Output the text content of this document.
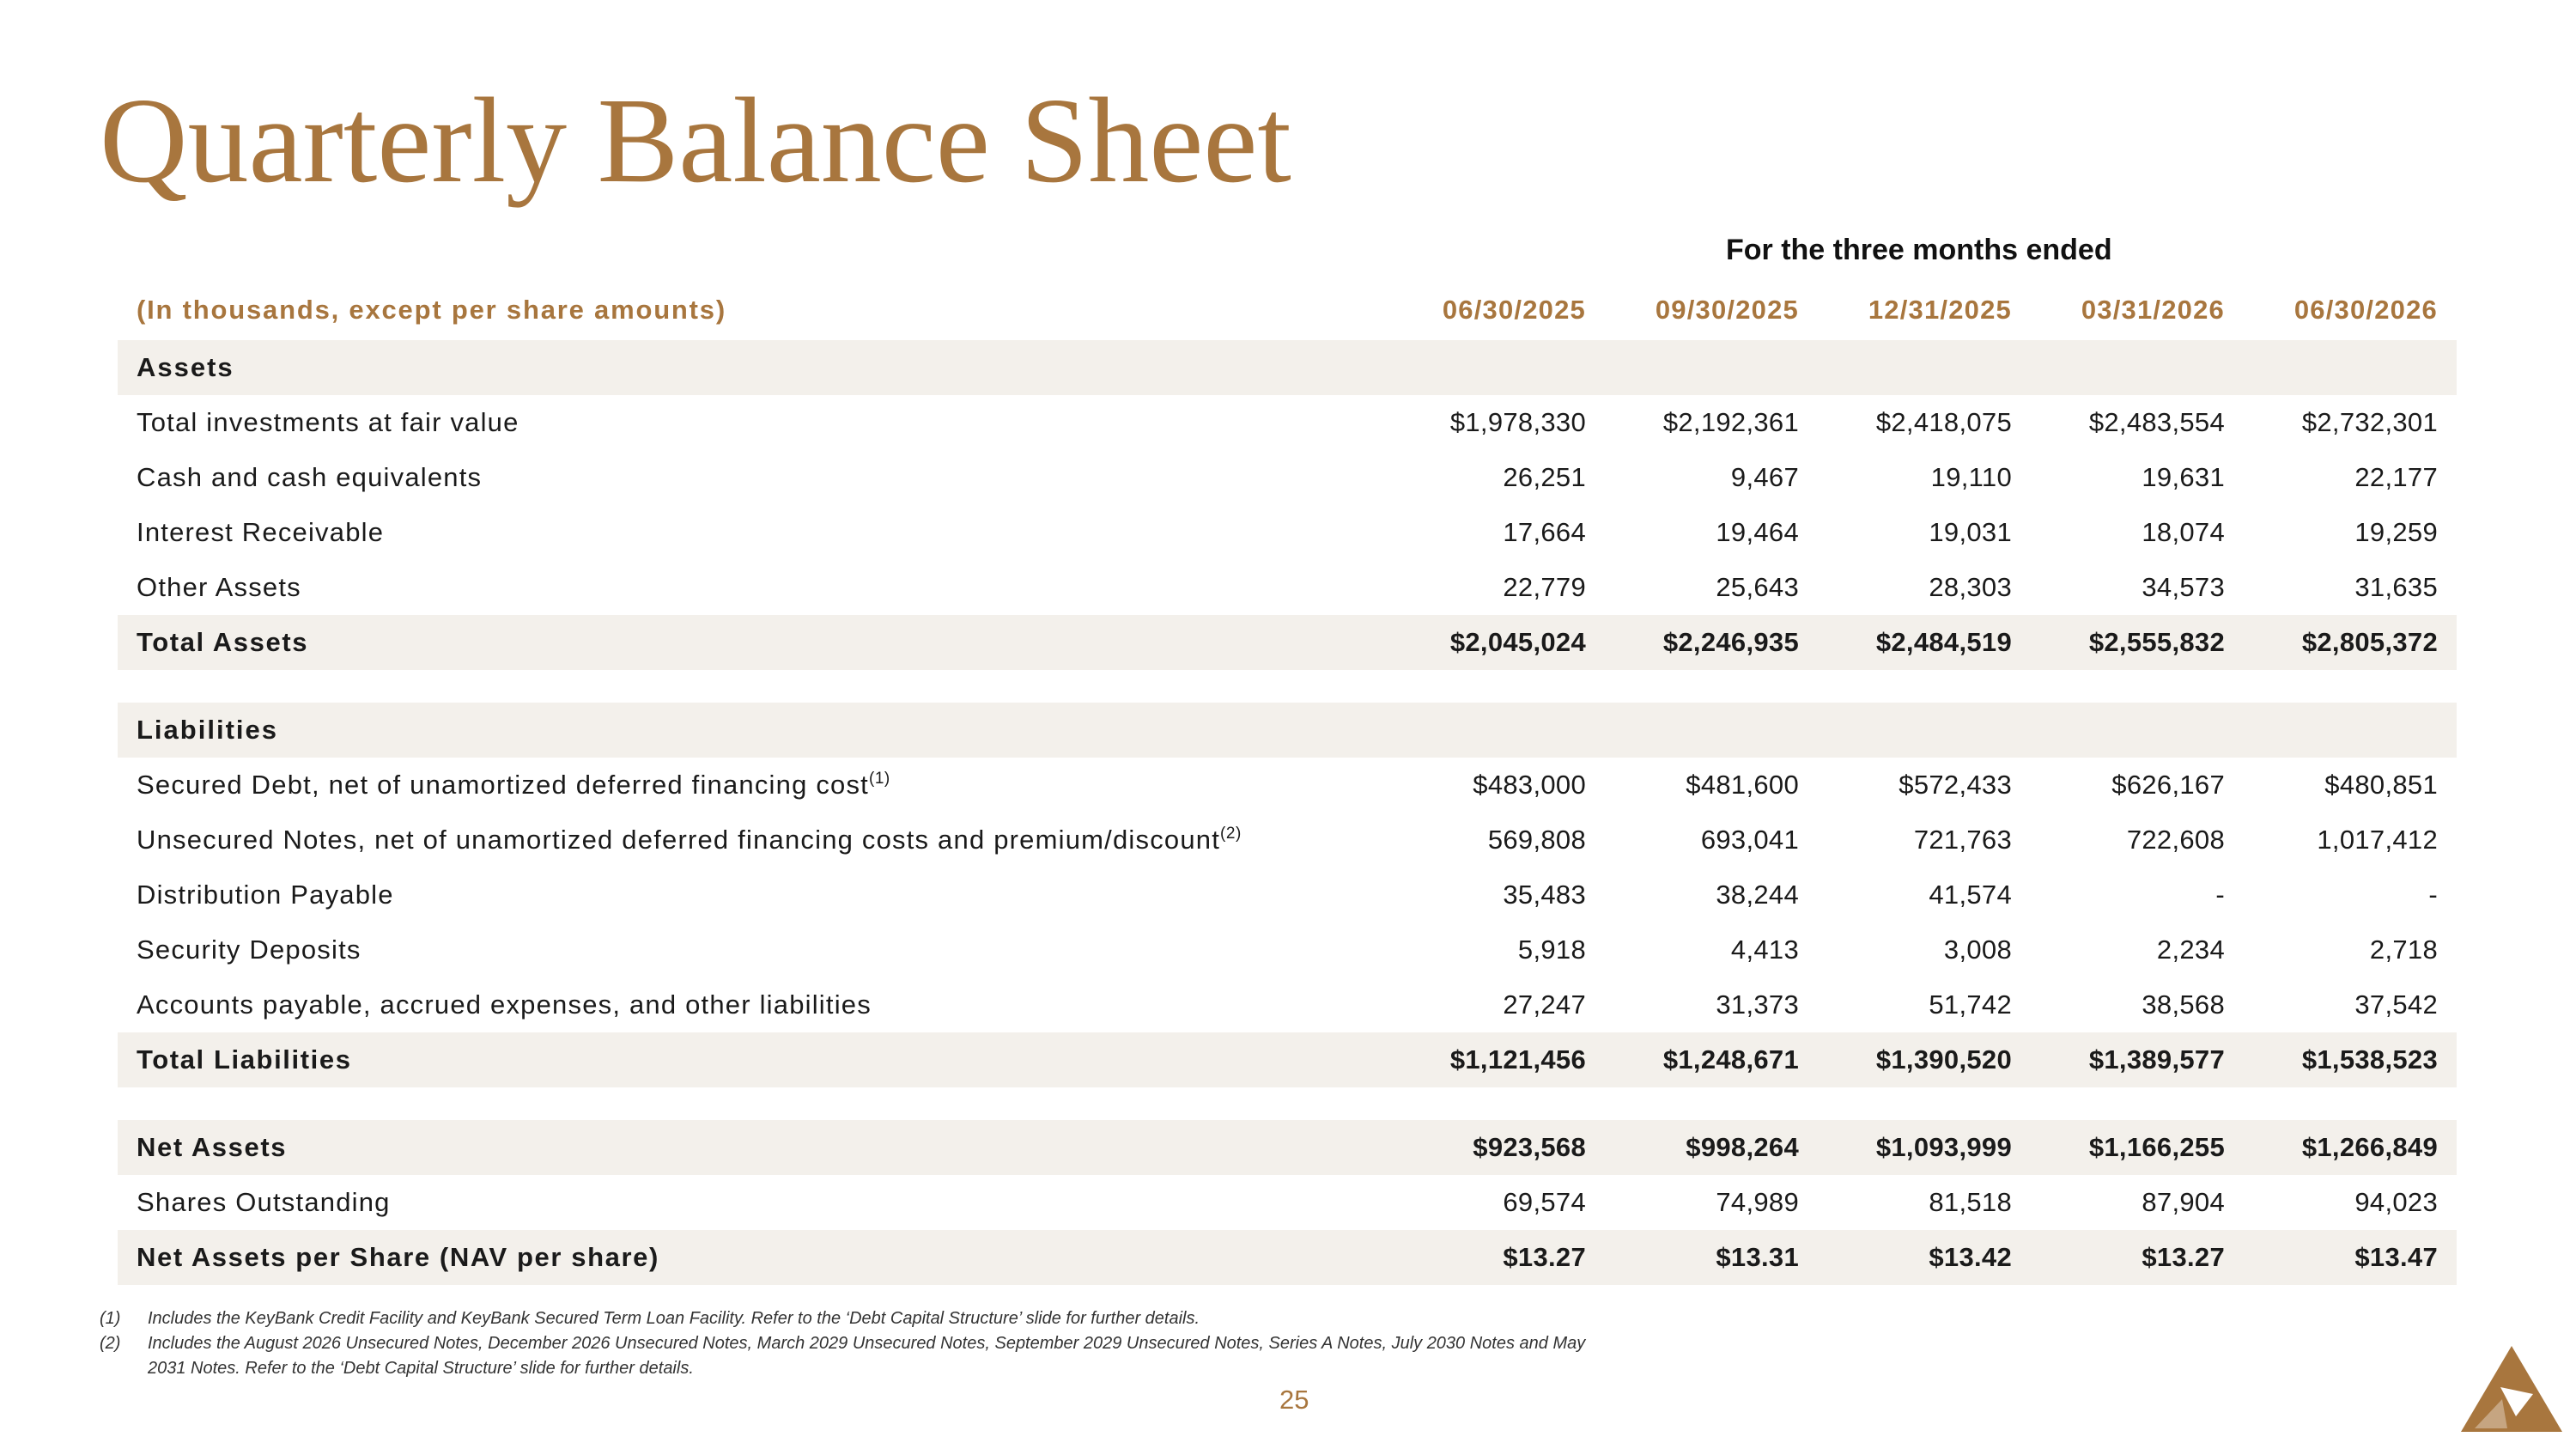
Quarterly Balance Sheet
For the three months ended
(In thousands, except per share amounts)	06/30/2025	09/30/2025	12/31/2025	03/31/2026	06/30/2026
Assets					
Total investments at fair value	$1,978,330	$2,192,361	$2,418,075	$2,483,554	$2,732,301
Cash and cash equivalents	26,251	9,467	19,110	19,631	22,177
Interest Receivable	17,664	19,464	19,031	18,074	19,259
Other Assets	22,779	25,643	28,303	34,573	31,635
Total Assets	$2,045,024	$2,246,935	$2,484,519	$2,555,832	$2,805,372

Liabilities					
Secured Debt, net of unamortized deferred financing cost$^{(1)}$	$483,000	$481,600	$572,433	$626,167	$480,851
Unsecured Notes, net of unamortized deferred financing costs and premium/discount$^{(2)}$	569,808	693,041	721,763	722,608	1,017,412
Distribution Payable	35,483	38,244	41,574	-	-
Security Deposits	5,918	4,413	3,008	2,234	2,718
Accounts payable, accrued expenses, and other liabilities	27,247	31,373	51,742	38,568	37,542
Total Liabilities	$1,121,456	$1,248,671	$1,390,520	$1,389,577	$1,538,523

Net Assets	$923,568	$998,264	$1,093,999	$1,166,255	$1,266,849
Shares Outstanding	69,574	74,989	81,518	87,904	94,023
Net Assets per Share (NAV per share)	$13.27	$13.31	$13.42	$13.27	$13.47
(1)	Includes the KeyBank Credit Facility and KeyBank Secured Term Loan Facility. Refer to the ‘Debt Capital Structure’ slide for further details.
(2)	Includes the August 2026 Unsecured Notes, December 2026 Unsecured Notes, March 2029 Unsecured Notes, September 2029 Unsecured Notes, Series A Notes, July 2030 Notes and May 2031 Notes. Refer to the ‘Debt Capital Structure’ slide for further details.
25
